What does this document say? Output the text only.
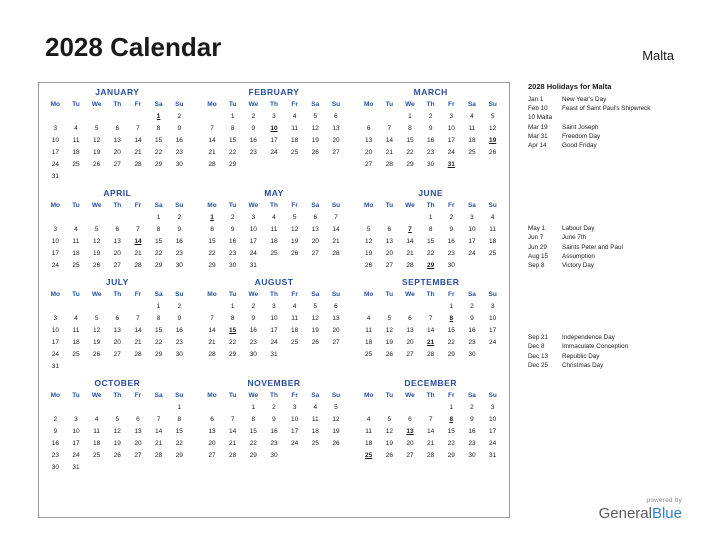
2028 Calendar	Malta
JANUARY
Mo	Tu	We	Th	Fr	Sa	Su
					1	2
3	4	5	6	7	8	9
10	11	12	13	14	15	16
17	18	19	20	21	22	23
24	25	26	27	28	29	30
31						
FEBRUARY
Mo	Tu	We	Th	Fr	Sa	Su
	1	2	3	4	5	6
7	8	9	10	11	12	13
14	15	16	17	18	19	20
21	22	23	24	25	26	27
28	29					
MARCH
Mo	Tu	We	Th	Fr	Sa	Su
		1	2	3	4	5
6	7	8	9	10	11	12
13	14	15	16	17	18	19
20	21	22	23	24	25	26
27	28	29	30	31		
APRIL
Mo	Tu	We	Th	Fr	Sa	Su
					1	2
3	4	5	6	7	8	9
10	11	12	13	14	15	16
17	18	19	20	21	22	23
24	25	26	27	28	29	30
MAY
Mo	Tu	We	Th	Fr	Sa	Su
1	2	3	4	5	6	7
8	9	10	11	12	13	14
15	16	17	18	19	20	21
22	23	24	25	26	27	28
29	30	31				
JUNE
Mo	Tu	We	Th	Fr	Sa	Su
			1	2	3	4
5	6	7	8	9	10	11
12	13	14	15	16	17	18
19	20	21	22	23	24	25
26	27	28	29	30		
JULY
Mo	Tu	We	Th	Fr	Sa	Su
					1	2
3	4	5	6	7	8	9
10	11	12	13	14	15	16
17	18	19	20	21	22	23
24	25	26	27	28	29	30
31						
AUGUST
Mo	Tu	We	Th	Fr	Sa	Su
	1	2	3	4	5	6
7	8	9	10	11	12	13
14	15	16	17	18	19	20
21	22	23	24	25	26	27
28	29	30	31			
SEPTEMBER
Mo	Tu	We	Th	Fr	Sa	Su
				1	2	3
4	5	6	7	8	9	10
11	12	13	14	15	16	17
18	19	20	21	22	23	24
25	26	27	28	29	30	
OCTOBER
Mo	Tu	We	Th	Fr	Sa	Su
						1
2	3	4	5	6	7	8
9	10	11	12	13	14	15
16	17	18	19	20	21	22
23	24	25	26	27	28	29
30	31					
NOVEMBER
Mo	Tu	We	Th	Fr	Sa	Su
		1	2	3	4	5
6	7	8	9	10	11	12
13	14	15	16	17	18	19
20	21	22	23	24	25	26
27	28	29	30			
DECEMBER
Mo	Tu	We	Th	Fr	Sa	Su
				1	2	3
4	5	6	7	8	9	10
11	12	13	14	15	16	17
18	19	20	21	22	23	24
25	26	27	28	29	30	31
2028 Holidays for Malta
Jan 1	New Year's Day
Feb 10	Feast of Saint Paul's Shipwreck
10 Malta
Mar 19	Saint Joseph
Mar 31	Freedom Day
Apr 14	Good Friday
May 1	Labour Day
Jun 7	June 7th
Jun 29	Saints Peter and Paul
Aug 15	Assumption
Sep 8	Victory Day
Sep 21	Independence Day
Dec 8	Immaculate Conception
Dec 13	Republic Day
Dec 25	Christmas Day
powered by
GeneralBlue
